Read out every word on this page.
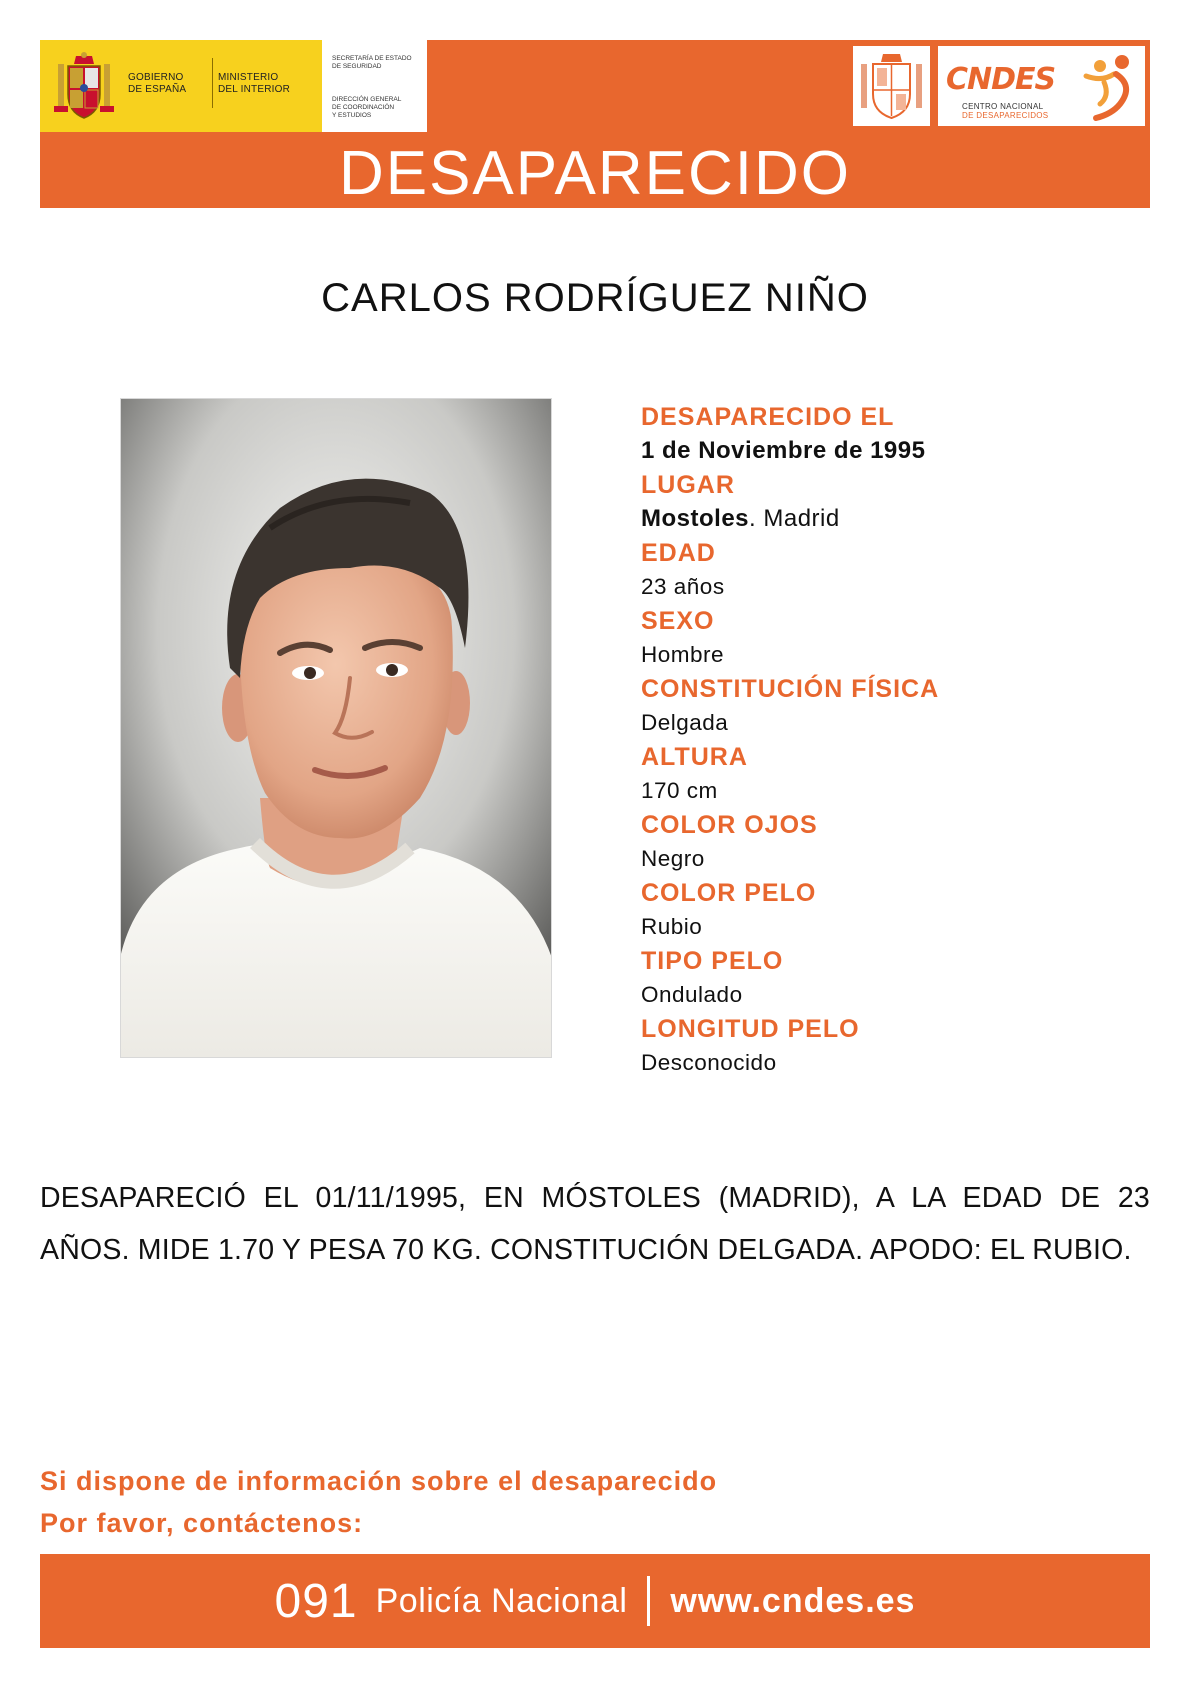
GOBIERNO
DE ESPAÑA
MINISTERIO
DEL INTERIOR
SECRETARÍA DE ESTADO
DE SEGURIDAD
DIRECCIÓN GENERAL
DE COORDINACIÓN
Y ESTUDIOS
CNDES
CENTRO NACIONAL
DE DESAPARECIDOS
DESAPARECIDO
CARLOS RODRÍGUEZ NIÑO
DESAPARECIDO EL
1 de Noviembre de 1995
LUGAR
Mostoles. Madrid
EDAD
23 años
SEXO
Hombre
CONSTITUCIÓN FÍSICA
Delgada
ALTURA
170 cm
COLOR OJOS
Negro
COLOR PELO
Rubio
TIPO PELO
Ondulado
LONGITUD PELO
Desconocido
DESAPARECIÓ EL 01/11/1995, EN MÓSTOLES (MADRID), A LA EDAD DE 23 AÑOS. MIDE 1.70 Y PESA 70 KG. CONSTITUCIÓN DELGADA. APODO: EL RUBIO.
Si dispone de información sobre el desaparecido
Por favor, contáctenos:
091 Policía Nacional www.cndes.es
